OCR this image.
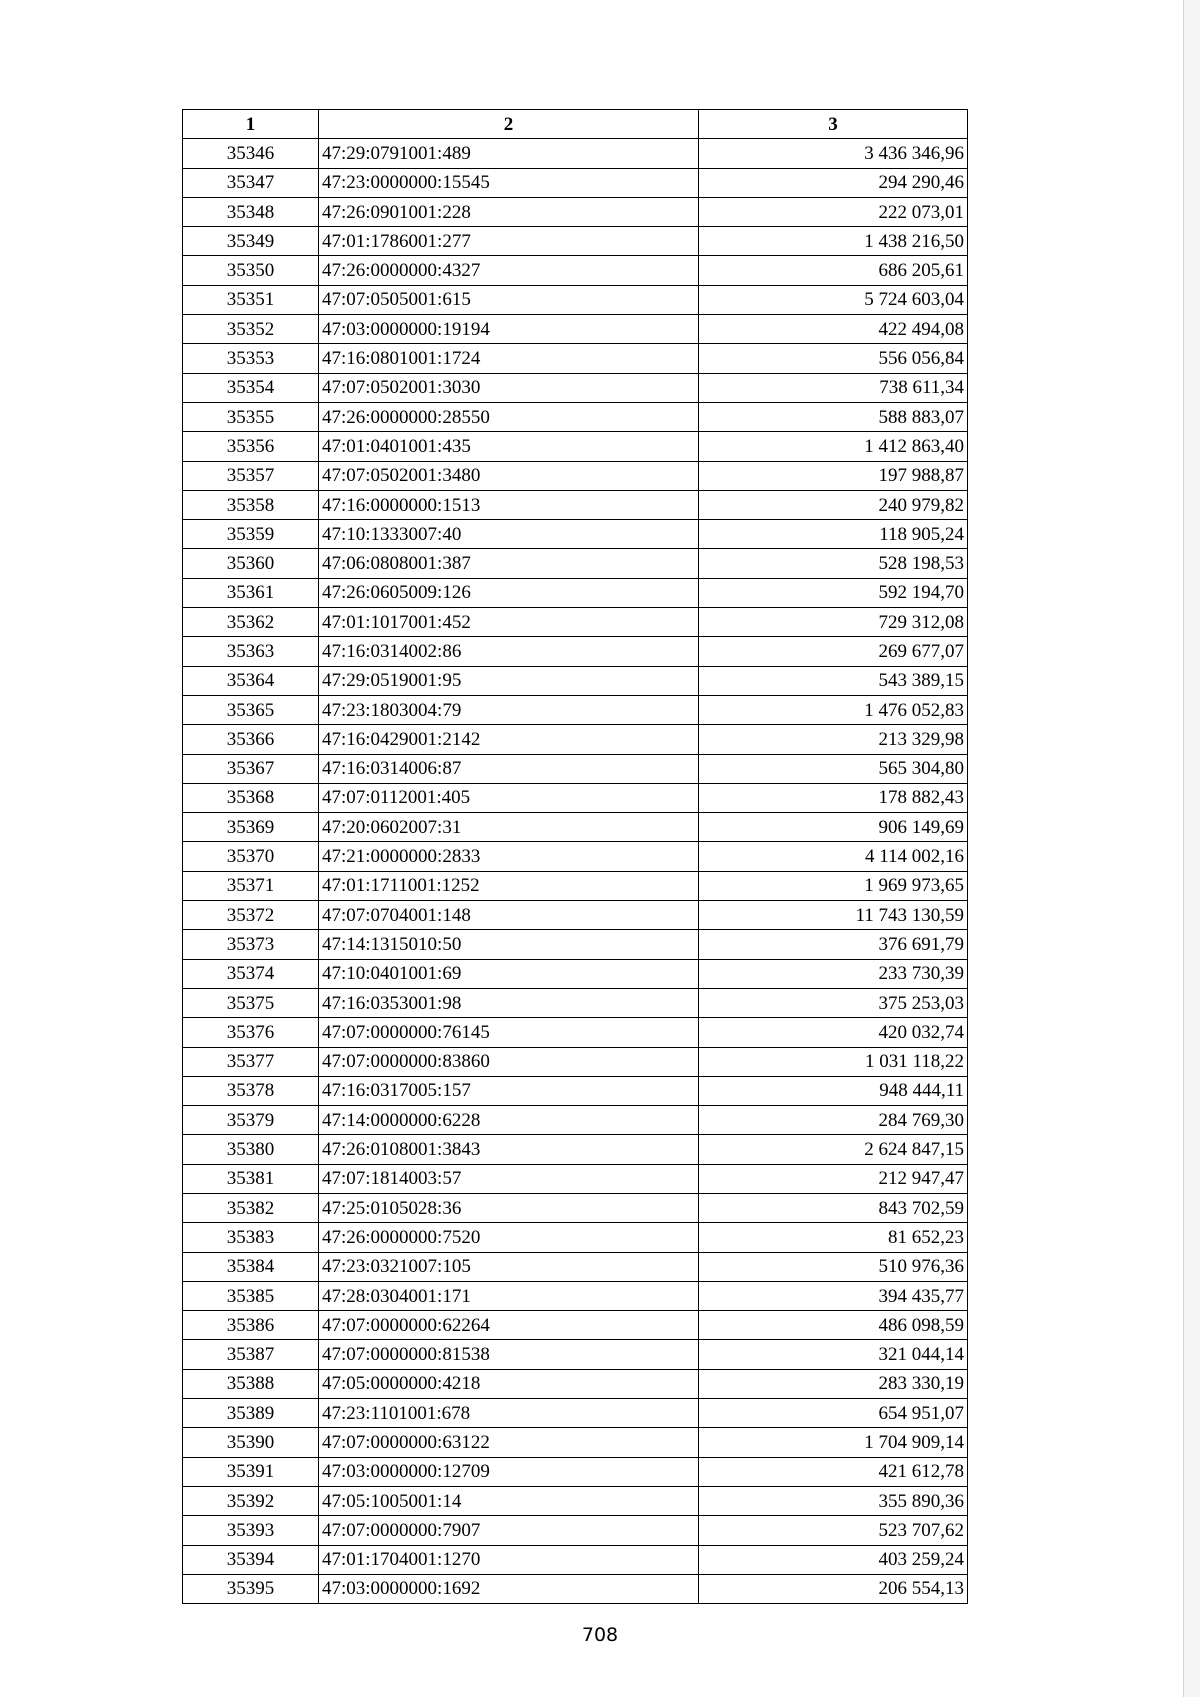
1	2	3
35346	47:29:0791001:489	3 436 346,96
35347	47:23:0000000:15545	294 290,46
35348	47:26:0901001:228	222 073,01
35349	47:01:1786001:277	1 438 216,50
35350	47:26:0000000:4327	686 205,61
35351	47:07:0505001:615	5 724 603,04
35352	47:03:0000000:19194	422 494,08
35353	47:16:0801001:1724	556 056,84
35354	47:07:0502001:3030	738 611,34
35355	47:26:0000000:28550	588 883,07
35356	47:01:0401001:435	1 412 863,40
35357	47:07:0502001:3480	197 988,87
35358	47:16:0000000:1513	240 979,82
35359	47:10:1333007:40	118 905,24
35360	47:06:0808001:387	528 198,53
35361	47:26:0605009:126	592 194,70
35362	47:01:1017001:452	729 312,08
35363	47:16:0314002:86	269 677,07
35364	47:29:0519001:95	543 389,15
35365	47:23:1803004:79	1 476 052,83
35366	47:16:0429001:2142	213 329,98
35367	47:16:0314006:87	565 304,80
35368	47:07:0112001:405	178 882,43
35369	47:20:0602007:31	906 149,69
35370	47:21:0000000:2833	4 114 002,16
35371	47:01:1711001:1252	1 969 973,65
35372	47:07:0704001:148	11 743 130,59
35373	47:14:1315010:50	376 691,79
35374	47:10:0401001:69	233 730,39
35375	47:16:0353001:98	375 253,03
35376	47:07:0000000:76145	420 032,74
35377	47:07:0000000:83860	1 031 118,22
35378	47:16:0317005:157	948 444,11
35379	47:14:0000000:6228	284 769,30
35380	47:26:0108001:3843	2 624 847,15
35381	47:07:1814003:57	212 947,47
35382	47:25:0105028:36	843 702,59
35383	47:26:0000000:7520	81 652,23
35384	47:23:0321007:105	510 976,36
35385	47:28:0304001:171	394 435,77
35386	47:07:0000000:62264	486 098,59
35387	47:07:0000000:81538	321 044,14
35388	47:05:0000000:4218	283 330,19
35389	47:23:1101001:678	654 951,07
35390	47:07:0000000:63122	1 704 909,14
35391	47:03:0000000:12709	421 612,78
35392	47:05:1005001:14	355 890,36
35393	47:07:0000000:7907	523 707,62
35394	47:01:1704001:1270	403 259,24
35395	47:03:0000000:1692	206 554,13
708
